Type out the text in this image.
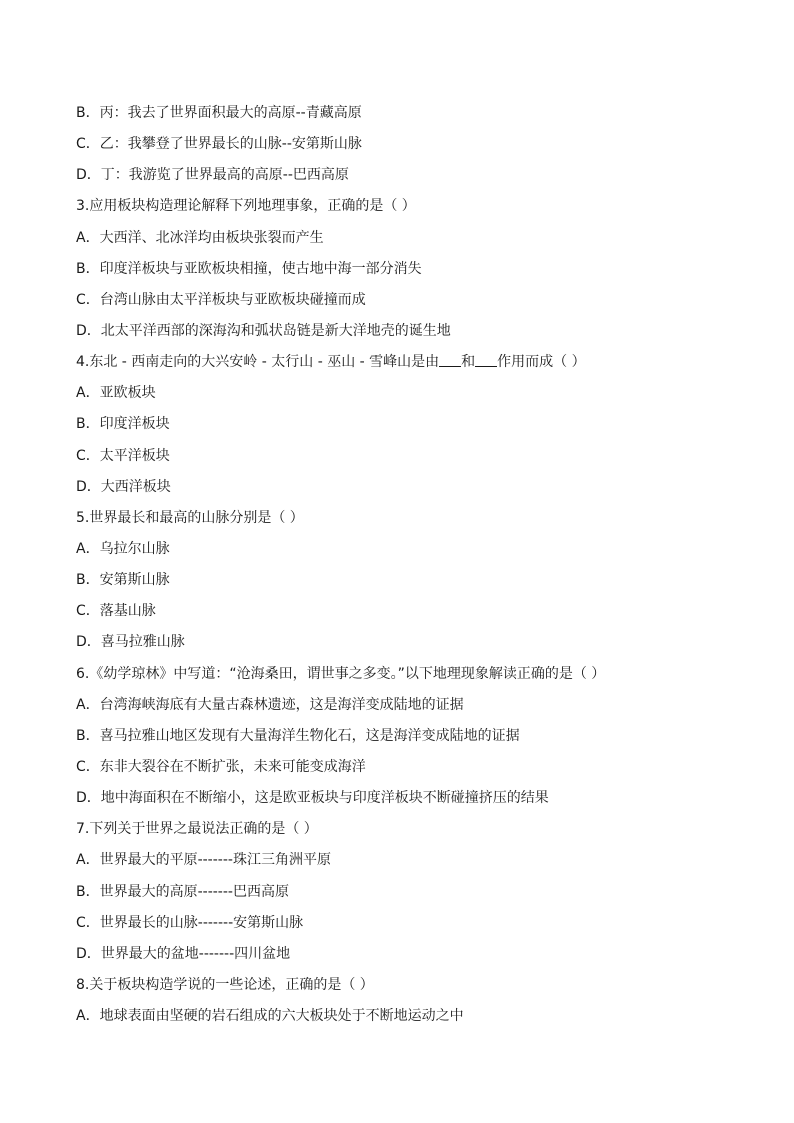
B．丙：我去了世界面积最大的高原--青藏高原
C．乙：我攀登了世界最长的山脉--安第斯山脉
D．丁：我游览了世界最高的高原--巴西高原
3.应用板块构造理论解释下列地理事象，正确的是（ ）
A．大西洋、北冰洋均由板块张裂而产生
B．印度洋板块与亚欧板块相撞，使古地中海一部分消失
C．台湾山脉由太平洋板块与亚欧板块碰撞而成
D．北太平洋西部的深海沟和弧状岛链是新大洋地壳的诞生地
4.东北 - 西南走向的大兴安岭 - 太行山 - 巫山 - 雪峰山是由 和 作用而成（ ）
A．亚欧板块
B．印度洋板块
C．太平洋板块
D．大西洋板块
5.世界最长和最高的山脉分别是（ ）
A．乌拉尔山脉
B．安第斯山脉
C．落基山脉
D．喜马拉雅山脉
6.《幼学琼林》中写道：“沧海桑田，谓世事之多变。”以下地理现象解读正确的是（ ）
A．台湾海峡海底有大量古森林遗迹，这是海洋变成陆地的证据
B．喜马拉雅山地区发现有大量海洋生物化石，这是海洋变成陆地的证据
C．东非大裂谷在不断扩张，未来可能变成海洋
D．地中海面积在不断缩小，这是欧亚板块与印度洋板块不断碰撞挤压的结果
7.下列关于世界之最说法正确的是（ ）
A．世界最大的平原-------珠江三角洲平原
B．世界最大的高原-------巴西高原
C．世界最长的山脉-------安第斯山脉
D．世界最大的盆地-------四川盆地
8.关于板块构造学说的一些论述，正确的是（ ）
A．地球表面由坚硬的岩石组成的六大板块处于不断地运动之中
